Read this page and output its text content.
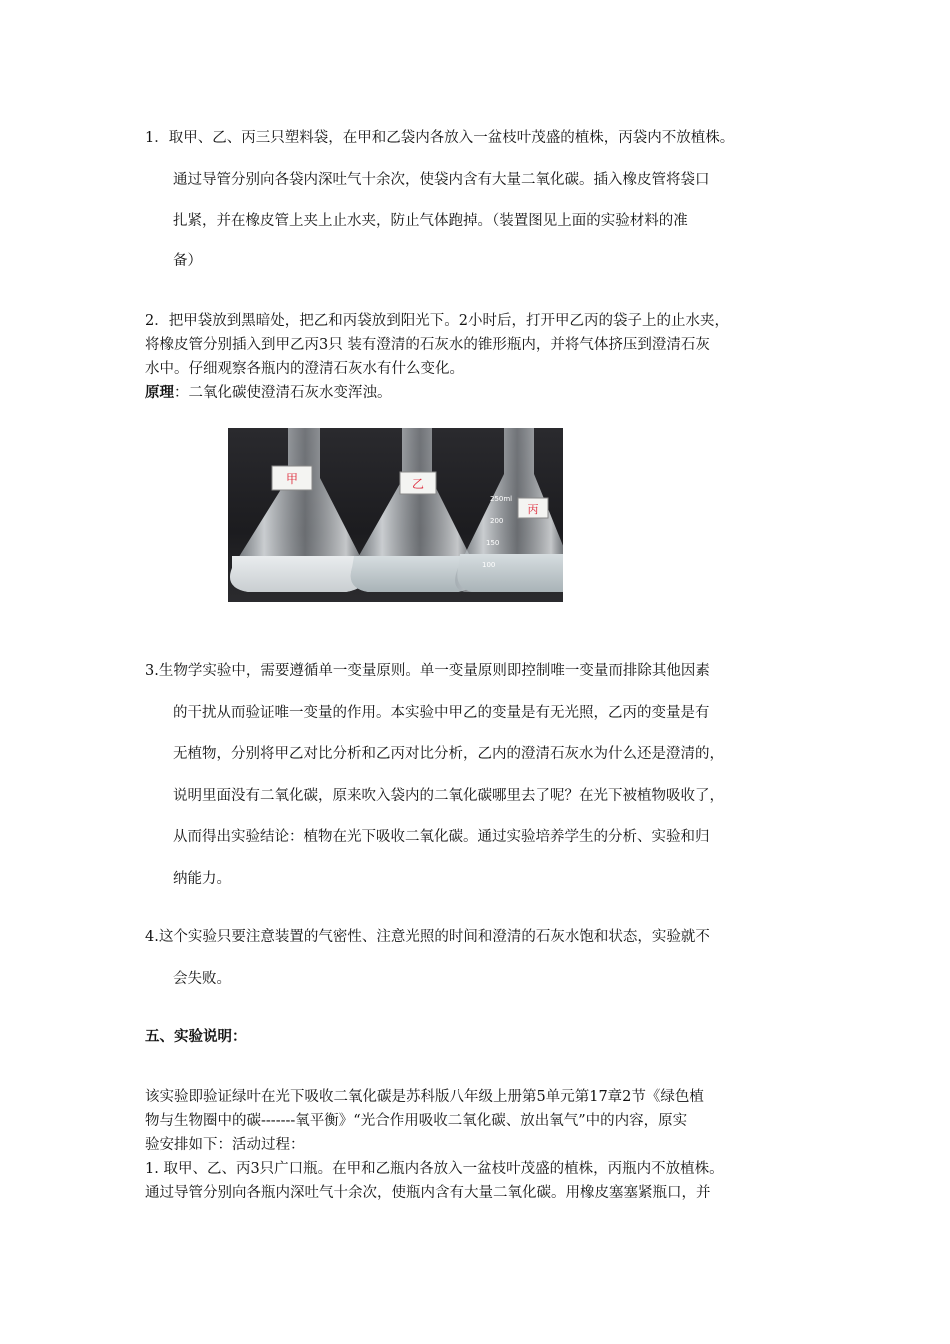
1．取甲、乙、丙三只塑料袋，在甲和乙袋内各放入一盆枝叶茂盛的植株，丙袋内不放植株。
通过导管分别向各袋内深吐气十余次，使袋内含有大量二氧化碳。插入橡皮管将袋口
扎紧，并在橡皮管上夹上止水夹，防止气体跑掉。（装置图见上面的实验材料的准
备）
2．把甲袋放到黑暗处，把乙和丙袋放到阳光下。2小时后，打开甲乙丙的袋子上的止水夹，
将橡皮管分别插入到甲乙丙3只 装有澄清的石灰水的锥形瓶内，并将气体挤压到澄清石灰
水中。仔细观察各瓶内的澄清石灰水有什么变化。
原理：二氧化碳使澄清石灰水变浑浊。
甲	乙
丙
250ml
200
150
100
3.生物学实验中，需要遵循单一变量原则。单一变量原则即控制唯一变量而排除其他因素
的干扰从而验证唯一变量的作用。本实验中甲乙的变量是有无光照，乙丙的变量是有
无植物，分别将甲乙对比分析和乙丙对比分析，乙内的澄清石灰水为什么还是澄清的，
说明里面没有二氧化碳，原来吹入袋内的二氧化碳哪里去了呢？在光下被植物吸收了，
从而得出实验结论：植物在光下吸收二氧化碳。通过实验培养学生的分析、实验和归
纳能力。
4.这个实验只要注意装置的气密性、注意光照的时间和澄清的石灰水饱和状态，实验就不
会失败。
五、实验说明：
该实验即验证绿叶在光下吸收二氧化碳是苏科版八年级上册第5单元第17章2节《绿色植
物与生物圈中的碳-------氧平衡》“光合作用吸收二氧化碳、放出氧气”中的内容，原实
验安排如下：活动过程：
1. 取甲、乙、丙3只广口瓶。在甲和乙瓶内各放入一盆枝叶茂盛的植株，丙瓶内不放植株。
通过导管分别向各瓶内深吐气十余次，使瓶内含有大量二氧化碳。用橡皮塞塞紧瓶口，并
